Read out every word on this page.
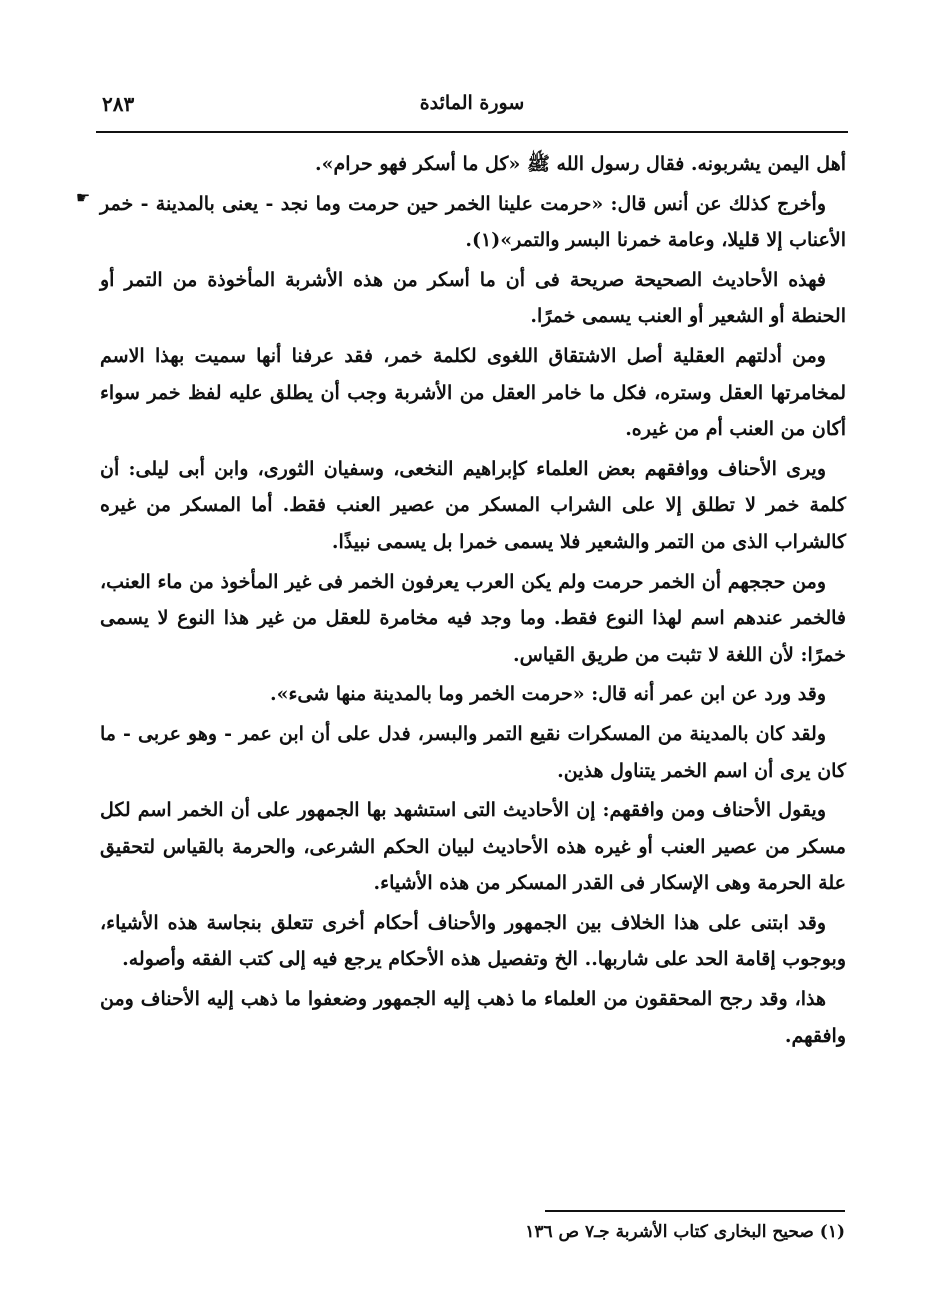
سورة المائدة
٢٨٣
☛

أهل اليمن يشربونه. فقال رسول الله ﷺ «كل ما أسكر فهو حرام».

وأخرج كذلك عن أنس قال: «حرمت علينا الخمر حين حرمت وما نجد - يعنى بالمدينة - خمر الأعناب إلا قليلا، وعامة خمرنا البسر والتمر»(١).

فهذه الأحاديث الصحيحة صريحة فى أن ما أسكر من هذه الأشربة المأخوذة من التمر أو الحنطة أو الشعير أو العنب يسمى خمرًا.

ومن أدلتهم العقلية أصل الاشتقاق اللغوى لكلمة خمر، فقد عرفنا أنها سميت بهذا الاسم لمخامرتها العقل وستره، فكل ما خامر العقل من الأشربة وجب أن يطلق عليه لفظ خمر سواء أكان من العنب أم من غيره.

ويرى الأحناف ووافقهم بعض العلماء كإبراهيم النخعى، وسفيان الثورى، وابن أبى ليلى: أن كلمة خمر لا تطلق إلا على الشراب المسكر من عصير العنب فقط. أما المسكر من غيره كالشراب الذى من التمر والشعير فلا يسمى خمرا بل يسمى نبيذًا.

ومن حججهم أن الخمر حرمت ولم يكن العرب يعرفون الخمر فى غير المأخوذ من ماء العنب، فالخمر عندهم اسم لهذا النوع فقط. وما وجد فيه مخامرة للعقل من غير هذا النوع لا يسمى خمرًا: لأن اللغة لا تثبت من طريق القياس.

وقد ورد عن ابن عمر أنه قال: «حرمت الخمر وما بالمدينة منها شىء».

ولقد كان بالمدينة من المسكرات نقيع التمر والبسر، فدل على أن ابن عمر - وهو عربى - ما كان يرى أن اسم الخمر يتناول هذين.

ويقول الأحناف ومن وافقهم: إن الأحاديث التى استشهد بها الجمهور على أن الخمر اسم لكل مسكر من عصير العنب أو غيره هذه الأحاديث لبيان الحكم الشرعى، والحرمة بالقياس لتحقيق علة الحرمة وهى الإسكار فى القدر المسكر من هذه الأشياء.

وقد ابتنى على هذا الخلاف بين الجمهور والأحناف أحكام أخرى تتعلق بنجاسة هذه الأشياء، وبوجوب إقامة الحد على شاربها.. الخ وتفصيل هذه الأحكام يرجع فيه إلى كتب الفقه وأصوله.

هذا، وقد رجح المحققون من العلماء ما ذهب إليه الجمهور وضعفوا ما ذهب إليه الأحناف ومن وافقهم.

(١) صحيح البخارى كتاب الأشربة جـ٧ ص ١٣٦
